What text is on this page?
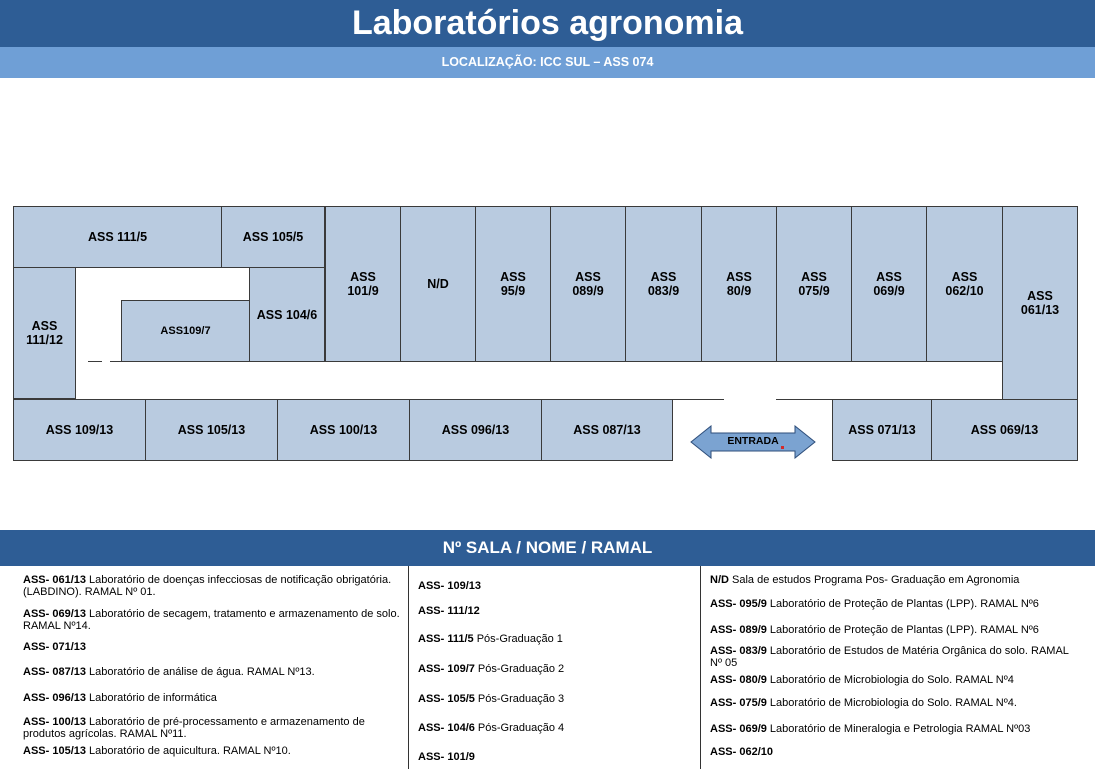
Laboratórios agronomia
LOCALIZAÇÃO: ICC SUL – ASS 074
ASS 111/5	ASS 105/5
ASS
111/12
ASS109/7
ASS 104/6
ASS
101/9	N/D	ASS
95/9
ASS
089/9
ASS
083/9
ASS
80/9
ASS
075/9
ASS
069/9
ASS
062/10	ASS
061/13
ASS 109/13	ASS 105/13	ASS 100/13	ASS 096/13	ASS 087/13	ASS 071/13	ASS 069/13
ENTRADA
Nº SALA / NOME / RAMAL
ASS- 061/13 Laboratório de doenças infecciosas de notificação obrigatória. (LABDINO). RAMAL Nº 01.
ASS- 069/13 Laboratório de secagem, tratamento e armazenamento de solo. RAMAL Nº14.
ASS- 071/13
ASS- 087/13 Laboratório de análise de água. RAMAL Nº13.
ASS- 096/13 Laboratório de informática
ASS- 100/13 Laboratório de pré-processamento e armazenamento de produtos agrícolas. RAMAL Nº11.
ASS- 105/13 Laboratório de aquicultura. RAMAL Nº10.
ASS- 109/13
ASS- 111/12
ASS- 111/5 Pós-Graduação 1
ASS- 109/7 Pós-Graduação 2
ASS- 105/5 Pós-Graduação 3
ASS- 104/6 Pós-Graduação 4
ASS- 101/9
N/D Sala de estudos Programa Pos- Graduação em Agronomia
ASS- 095/9 Laboratório de Proteção de Plantas (LPP). RAMAL Nº6
ASS- 089/9 Laboratório de Proteção de Plantas (LPP). RAMAL Nº6
ASS- 083/9 Laboratório de Estudos de Matéria Orgânica do solo. RAMAL Nº 05
ASS- 080/9 Laboratório de Microbiologia do Solo. RAMAL Nº4
ASS- 075/9 Laboratório de Microbiologia do Solo. RAMAL Nº4.
ASS- 069/9 Laboratório de Mineralogia e Petrologia RAMAL Nº03
ASS- 062/10
